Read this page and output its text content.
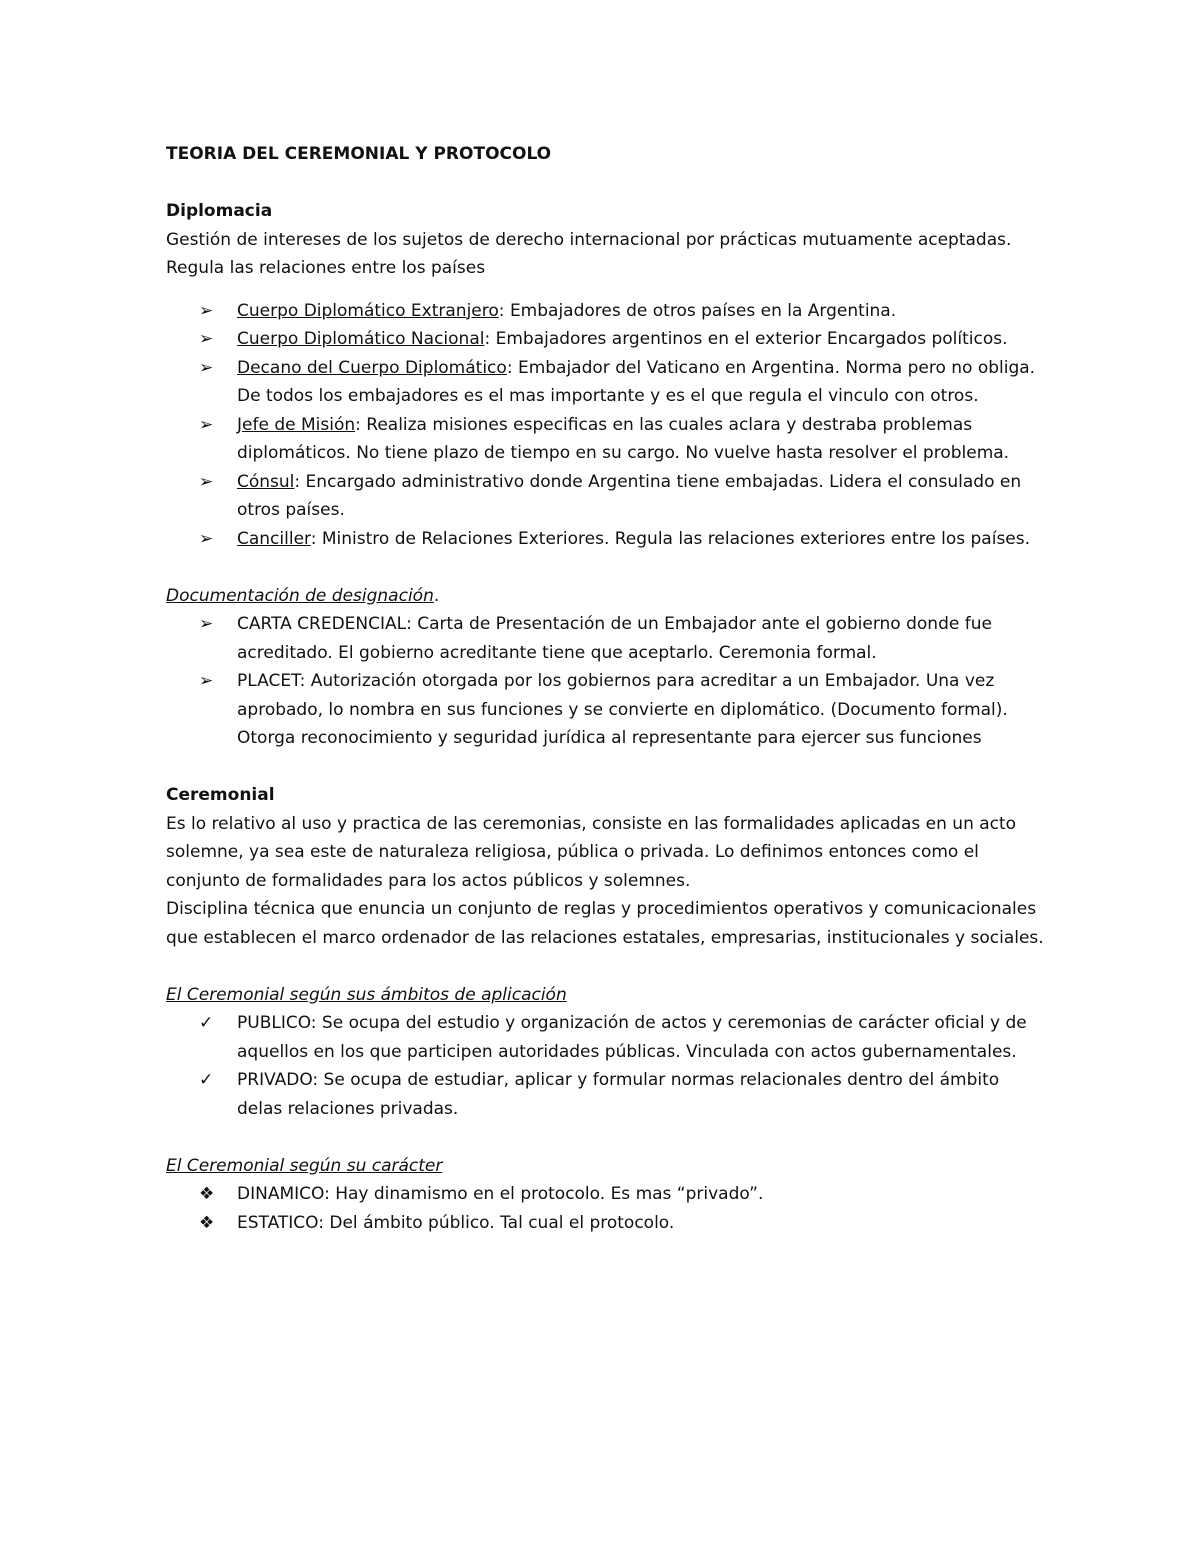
TEORIA DEL CEREMONIAL Y PROTOCOLO

Diplomacia

Gestión de intereses de los sujetos de derecho internacional por prácticas mutuamente aceptadas.

Regula las relaciones entre los países

➢	Cuerpo Diplomático Extranjero: Embajadores de otros países en la Argentina.
➢	Cuerpo Diplomático Nacional: Embajadores argentinos en el exterior Encargados políticos.
➢	Decano del Cuerpo Diplomático: Embajador del Vaticano en Argentina. Norma pero no obliga. De todos los embajadores es el mas importante y es el que regula el vinculo con otros.
➢	Jefe de Misión: Realiza misiones especificas en las cuales aclara y destraba problemas diplomáticos. No tiene plazo de tiempo en su cargo. No vuelve hasta resolver el problema.
➢	Cónsul: Encargado administrativo donde Argentina tiene embajadas. Lidera el consulado en otros países.
➢	Canciller: Ministro de Relaciones Exteriores. Regula las relaciones exteriores entre los países.

Documentación de designación.

➢	CARTA CREDENCIAL: Carta de Presentación de un Embajador ante el gobierno donde fue acreditado. El gobierno acreditante tiene que aceptarlo. Ceremonia formal.
➢	PLACET: Autorización otorgada por los gobiernos para acreditar a un Embajador. Una vez aprobado, lo nombra en sus funciones y se convierte en diplomático. (Documento formal). Otorga reconocimiento y seguridad jurídica al representante para ejercer sus funciones

Ceremonial

Es lo relativo al uso y practica de las ceremonias, consiste en las formalidades aplicadas en un acto solemne, ya sea este de naturaleza religiosa, pública o privada. Lo definimos entonces como el conjunto de formalidades para los actos públicos y solemnes.

Disciplina técnica que enuncia un conjunto de reglas y procedimientos operativos y comunicacionales que establecen el marco ordenador de las relaciones estatales, empresarias, institucionales y sociales.

El Ceremonial según sus ámbitos de aplicación

✓	PUBLICO: Se ocupa del estudio y organización de actos y ceremonias de carácter oficial y de aquellos en los que participen autoridades públicas. Vinculada con actos gubernamentales.
✓	PRIVADO: Se ocupa de estudiar, aplicar y formular normas relacionales dentro del ámbito delas relaciones privadas.

El Ceremonial según su carácter

❖	DINAMICO: Hay dinamismo en el protocolo. Es mas “privado”.
❖	ESTATICO: Del ámbito público. Tal cual el protocolo.
